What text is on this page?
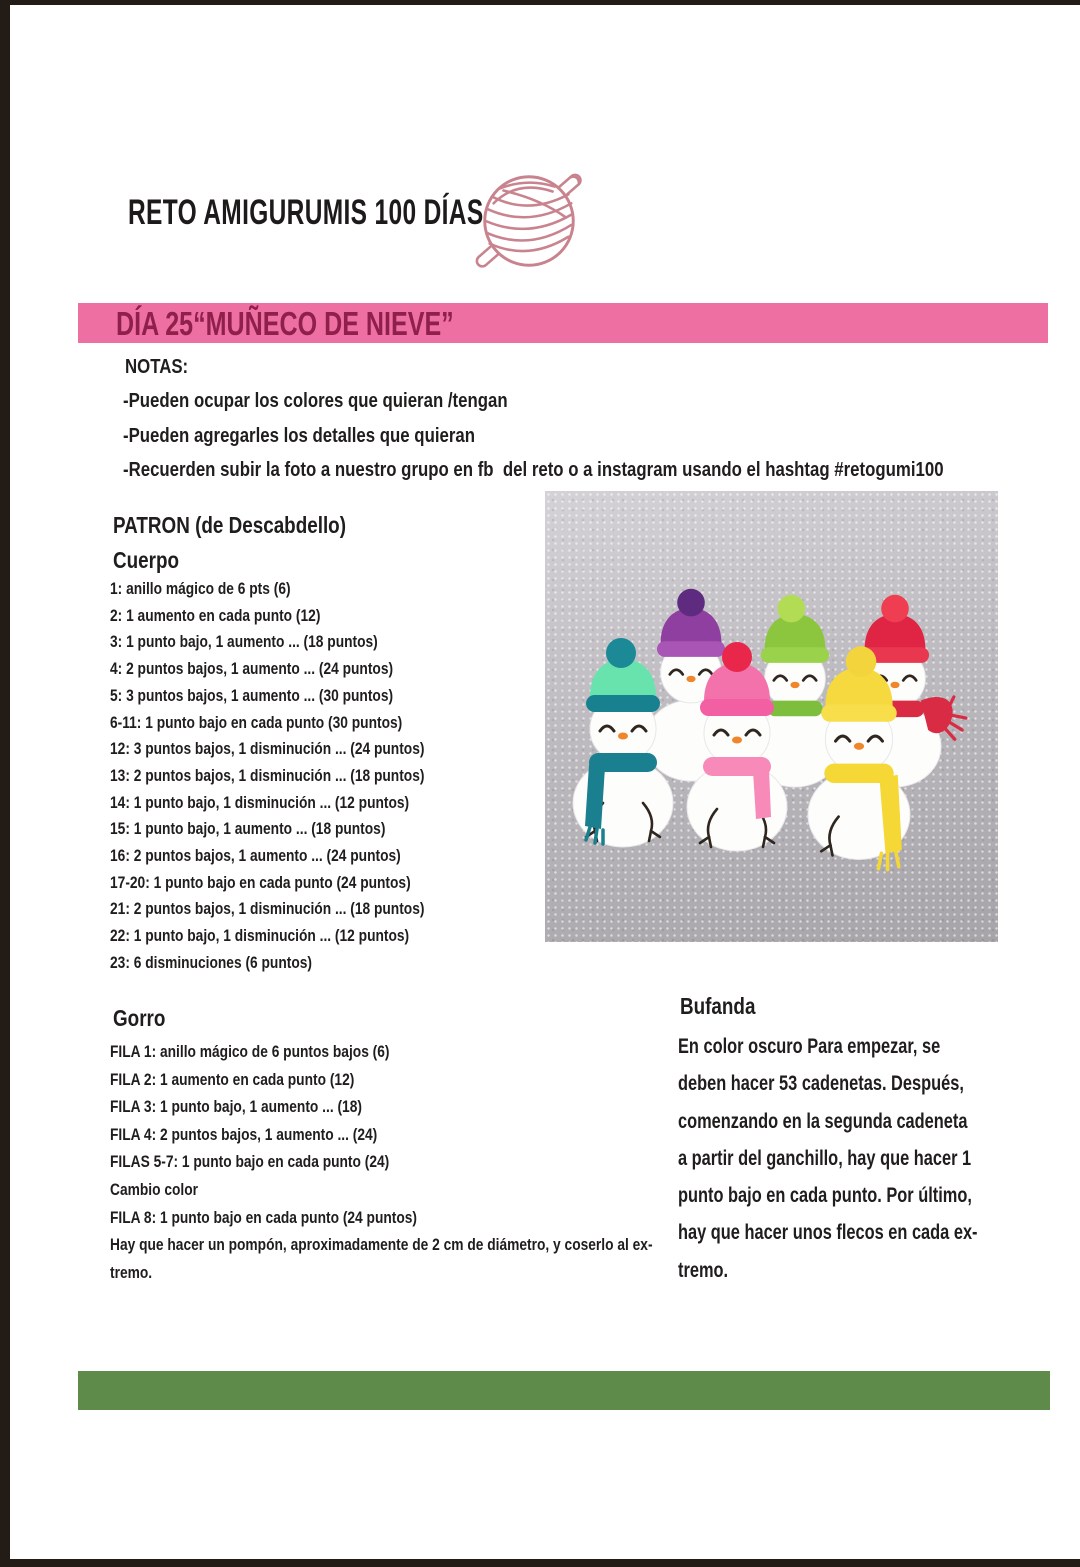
RETO AMIGURUMIS 100 DÍAS
DÍA 25“MUÑECO DE NIEVE”
NOTAS:
-Pueden ocupar los colores que quieran /tengan
-Pueden agregarles los detalles que quieran
-Recuerden subir la foto a nuestro grupo en fb  del reto o a instagram usando el hashtag #retogumi100
PATRON (de Descabdello)
Cuerpo
1: anillo mágico de 6 pts (6)
2: 1 aumento en cada punto (12)
3: 1 punto bajo, 1 aumento ... (18 puntos)
4: 2 puntos bajos, 1 aumento ... (24 puntos)
5: 3 puntos bajos, 1 aumento ... (30 puntos)
6-11: 1 punto bajo en cada punto (30 puntos)
12: 3 puntos bajos, 1 disminución ... (24 puntos)
13: 2 puntos bajos, 1 disminución ... (18 puntos)
14: 1 punto bajo, 1 disminución ... (12 puntos)
15: 1 punto bajo, 1 aumento ... (18 puntos)
16: 2 puntos bajos, 1 aumento ... (24 puntos)
17-20: 1 punto bajo en cada punto (24 puntos)
21: 2 puntos bajos, 1 disminución ... (18 puntos)
22: 1 punto bajo, 1 disminución ... (12 puntos)
23: 6 disminuciones (6 puntos)
Gorro
FILA 1: anillo mágico de 6 puntos bajos (6)
FILA 2: 1 aumento en cada punto (12)
FILA 3: 1 punto bajo, 1 aumento ... (18)
FILA 4: 2 puntos bajos, 1 aumento ... (24)
FILAS 5-7: 1 punto bajo en cada punto (24)
Cambio color
FILA 8: 1 punto bajo en cada punto (24 puntos)
Hay que hacer un pompón, aproximadamente de 2 cm de diámetro, y coserlo al ex-
tremo.
Bufanda
En color oscuro Para empezar, se
deben hacer 53 cadenetas. Después,
comenzando en la segunda cadeneta
a partir del ganchillo, hay que hacer 1
punto bajo en cada punto. Por último,
hay que hacer unos flecos en cada ex-
tremo.
